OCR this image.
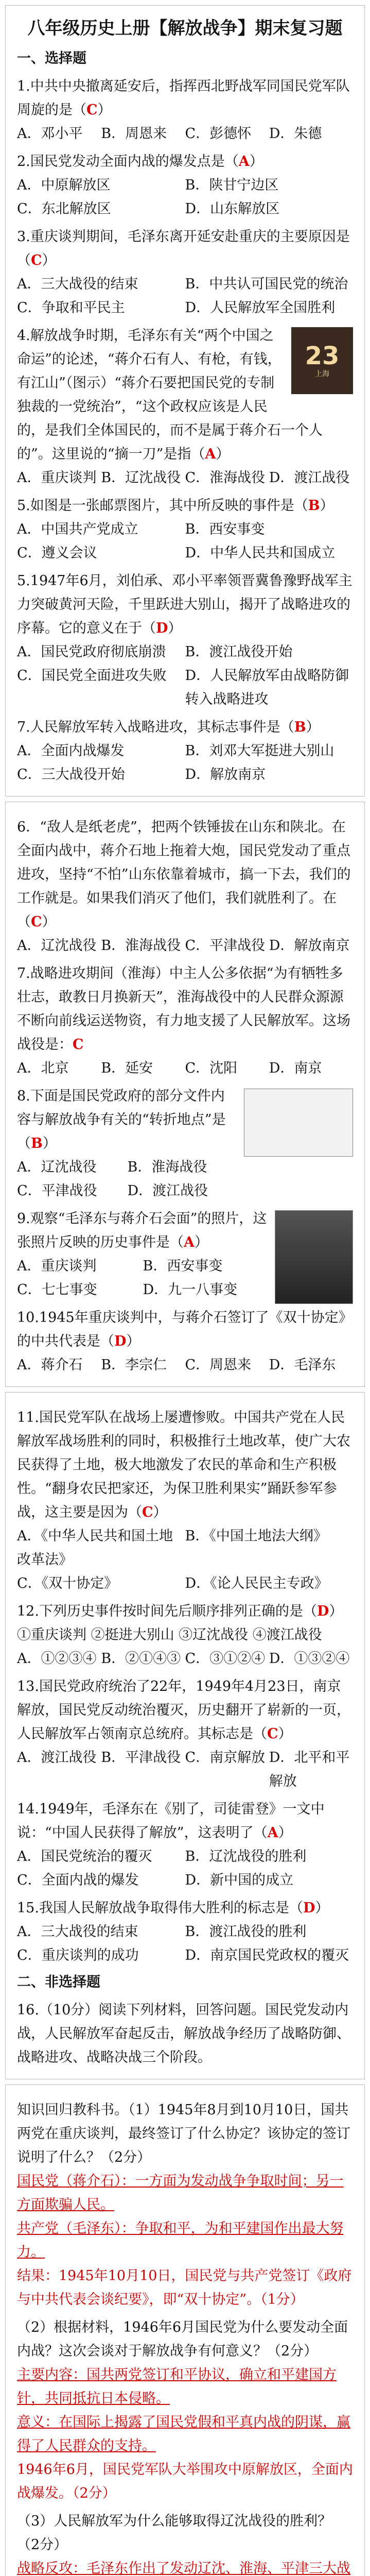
八年级历史上册【解放战争】期末复习题
一、选择题
1.中共中央撤离延安后，指挥西北野战军同国民党军队周旋的是（C）
A．邓小平	B．周恩来	C．彭德怀	D．朱德
2.国民党发动全面内战的爆发点是（A）
A．中原解放区	B．陕甘宁边区
C．东北解放区	D．山东解放区
3.重庆谈判期间，毛泽东离开延安赴重庆的主要原因是（C）
A．三大战役的结束	B．中共认可国民党的统治
C．争取和平民主	D．人民解放军全国胜利
23
上海
4.解放战争时期，毛泽东有关“两个中国之命运”的论述，“蒋介石有人、有枪，有钱，有江山”（图示）“蒋介石要把国民党的专制独裁的一党统治”，“这个政权应该是人民的，是我们全体国民的，而不是属于蒋介石一个人的”。这里说的“摘一刀”是指（A）
A．重庆谈判 B．辽沈战役 C．淮海战役 D．渡江战役
5.如图是一张邮票图片，其中所反映的事件是（B）
A．中国共产党成立	B．西安事变
C．遵义会议	D．中华人民共和国成立
5.1947年6月，刘伯承、邓小平率领晋冀鲁豫野战军主力突破黄河天险，千里跃进大别山，揭开了战略进攻的序幕。它的意义在于（D）
A．国民党政府彻底崩溃	B．渡江战役开始
C．国民党全面进攻失败	D．人民解放军由战略防御转入战略进攻
7.人民解放军转入战略进攻，其标志事件是（B）
A．全面内战爆发	B．刘邓大军挺进大别山
C．三大战役开始	D．解放南京
6．“敌人是纸老虎”，把两个铁锤拔在山东和陕北。在全面内战中，蒋介石地上拖着大炮，国民党发动了重点进攻，坚持“不怕”山东依靠着城市，搞一下去，我们的工作就是。如果我们消灭了他们，我们就胜利了。在（C）
A．辽沈战役 B．淮海战役 C．平津战役 D．解放南京
7.战略进攻期间（淮海）中主人公多依据“为有牺牲多壮志，敢教日月换新天”，淮海战役中的人民群众源源不断向前线运送物资，有力地支援了人民解放军。这场战役是：C
A．北京	B．延安	C．沈阳	D．南京
8.下面是国民党政府的部分文件内容与解放战争有关的“转折地点”是（B）
A．辽沈战役	B．淮海战役
C．平津战役	D．渡江战役
9.观察“毛泽东与蒋介石会面”的照片，这张照片反映的历史事件是（A）
A．重庆谈判	B．西安事变
C．七七事变	D．九一八事变
10.1945年重庆谈判中，与蒋介石签订了《双十协定》的中共代表是（D）
A．蒋介石	B．李宗仁	C．周恩来	D．毛泽东
11.国民党军队在战场上屡遭惨败。中国共产党在人民解放军战场胜利的同时，积极推行土地改革，使广大农民获得了土地，极大地激发了农民的革命和生产积极性。“翻身农民把家还，为保卫胜利果实”踊跃参军参战，这主要是因为（C）
A．《中华人民共和国土地改革法》
B．《中国土地法大纲》
C．《双十协定》	D．《论人民民主专政》
12.下列历史事件按时间先后顺序排列正确的是（D）
①重庆谈判 ②挺进大别山 ③辽沈战役 ④渡江战役
A．①②③④ B．②①④③ C．③①②④ D．①③②④
13.国民党政府统治了22年，1949年4月23日，南京解放，国民党反动统治覆灭，历史翻开了崭新的一页，人民解放军占领南京总统府。其标志是（C）
A．渡江战役 B．平津战役 C．南京解放 D．北平和平解放
14.1949年，毛泽东在《别了，司徒雷登》一文中说：“中国人民获得了解放”，这表明了（A）
A．国民党统治的覆灭	B．辽沈战役的胜利
C．全面内战的爆发	D．新中国的成立
15.我国人民解放战争取得伟大胜利的标志是（D）
A．三大战役的结束	B．渡江战役的胜利
C．重庆谈判的成功	D．南京国民党政权的覆灭
二、非选择题
16.（10分）阅读下列材料，回答问题。国民党发动内战，人民解放军奋起反击，解放战争经历了战略防御、战略进攻、战略决战三个阶段。
知识回归教科书。（1）1945年8月到10月10日，国共两党在重庆谈判，最终签订了什么协定？该协定的签订说明了什么？（2分）
国民党（蒋介石）：一方面为发动战争争取时间；另一方面欺骗人民。
共产党（毛泽东）：争取和平，为和平建国作出最大努力。
结果：1945年10月10日，国民党与共产党签订《政府与中共代表会谈纪要》，即“双十协定”。（1分）
（2）根据材料，1946年6月国民党为什么要发动全面内战？这次会谈对于解放战争有何意义？（2分）
主要内容：国共两党签订和平协议，确立和平建国方针，共同抵抗日本侵略。
意义：在国际上揭露了国民党假和平真内战的阴谋，赢得了人民群众的支持。
1946年6月，国民党军队大举围攻中原解放区，全面内战爆发。（2分）
（3）人民解放军为什么能够取得辽沈战役的胜利？（2分）
战略反攻：毛泽东作出了发动辽沈、淮海、平津三大战
